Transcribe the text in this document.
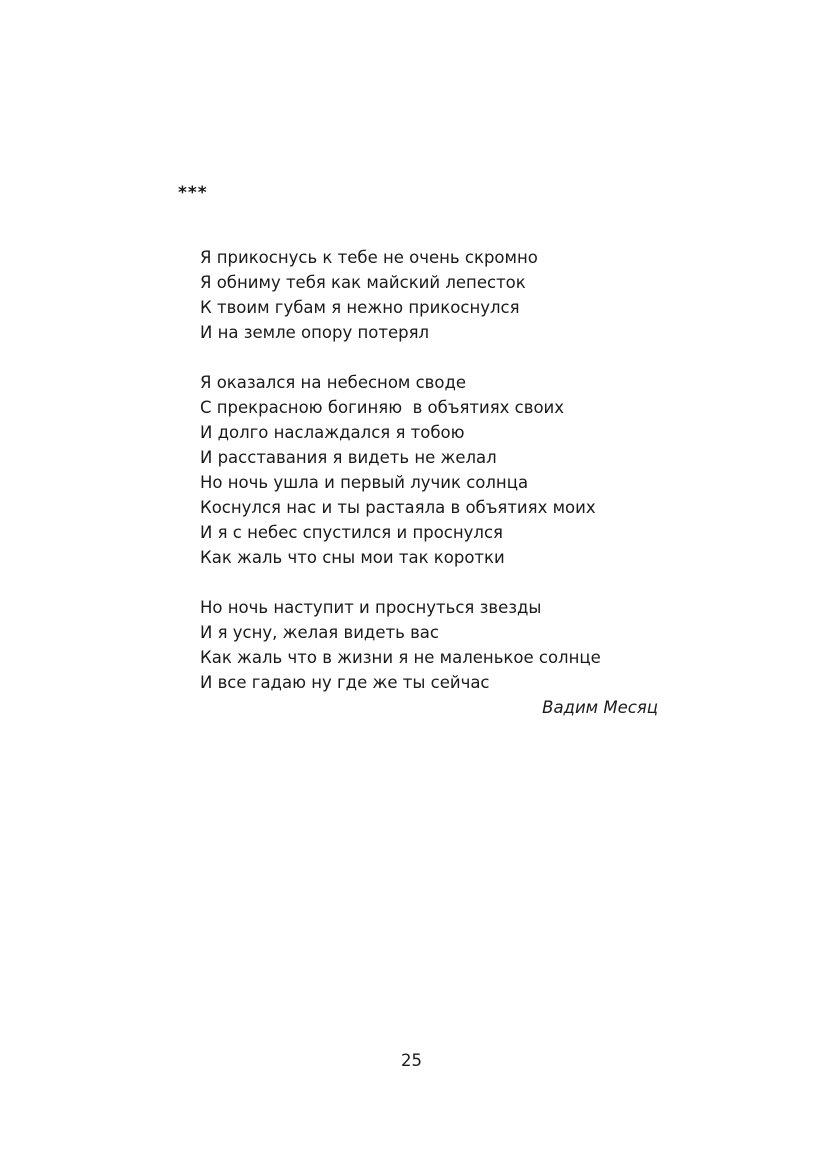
***
Я прикоснусь к тебе не очень скромно
Я обниму тебя как майский лепесток
К твоим губам я нежно прикоснулся
И на земле опору потерял
Я оказался на небесном своде
С прекрасною богиняю  в объятиях своих
И долго наслаждался я тобою
И расставания я видеть не желал
Но ночь ушла и первый лучик солнца
Коснулся нас и ты растаяла в объятиях моих
И я с небес спустился и проснулся
Как жаль что сны мои так коротки
Но ночь наступит и проснуться звезды
И я усну, желая видеть вас
Как жаль что в жизни я не маленькое солнце
И все гадаю ну где же ты сейчас
Вадим Месяц
25
